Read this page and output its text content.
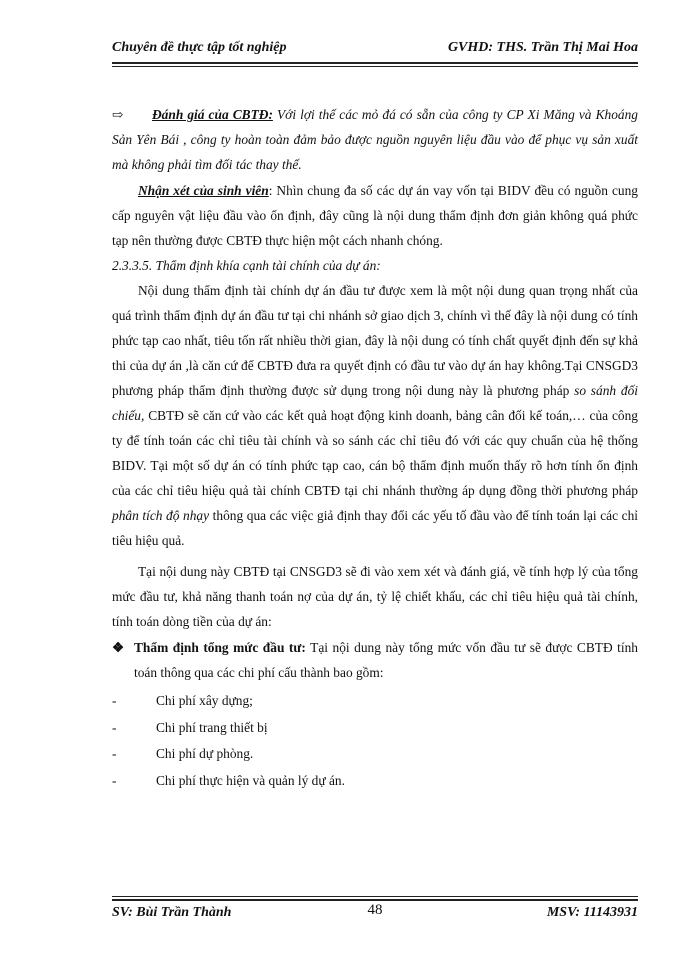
Chuyên đề thực tập tốt nghiệp	GVHD: THS. Trần Thị Mai Hoa

⇨ Đánh giá của CBTĐ: Với lợi thế các mỏ đá có sẵn của công ty CP Xi Măng và Khoáng Sản Yên Bái , công ty hoàn toàn đảm bảo được nguồn nguyên liệu đầu vào để phục vụ sản xuất mà không phải tìm đối tác thay thế.

Nhận xét của sinh viên: Nhìn chung đa số các dự án vay vốn tại BIDV đều có nguồn cung cấp nguyên vật liệu đầu vào ổn định, đây cũng là nội dung thẩm định đơn giản không quá phức tạp nên thường được CBTĐ thực hiện một cách nhanh chóng.

2.3.3.5. Thẩm định khía cạnh tài chính của dự án:

Nội dung thẩm định tài chính dự án đầu tư được xem là một nội dung quan trọng nhất của quá trình thẩm định dự án đầu tư tại chi nhánh sở giao dịch 3, chính vì thế đây là nội dung có tính phức tạp cao nhất, tiêu tốn rất nhiều thời gian, đây là nội dung có tính chất quyết định đến sự khả thi của dự án ,là căn cứ để CBTĐ đưa ra quyết định có đầu tư vào dự án hay không.Tại CNSGD3 phương pháp thẩm định thường được sử dụng trong nội dung này là phương pháp so sánh đối chiếu, CBTĐ sẽ căn cứ vào các kết quả hoạt động kinh doanh, bảng cân đối kế toán,… của công ty để tính toán các chỉ tiêu tài chính và so sánh các chỉ tiêu đó với các quy chuẩn của hệ thống BIDV. Tại một số dự án có tính phức tạp cao, cán bộ thẩm định muốn thấy rõ hơn tính ổn định của các chỉ tiêu hiệu quả tài chính CBTĐ tại chi nhánh thường áp dụng đồng thời phương pháp phân tích độ nhạy thông qua các việc giả định thay đổi các yếu tố đầu vào để tính toán lại các chỉ tiêu hiệu quả.

Tại nội dung này CBTĐ tại CNSGD3 sẽ đi vào xem xét và đánh giá, về tính hợp lý của tổng mức đầu tư, khả năng thanh toán nợ của dự án, tỷ lệ chiết khấu, các chỉ tiêu hiệu quả tài chính, tính toán dòng tiền của dự án:

❖ Thẩm định tổng mức đầu tư: Tại nội dung này tổng mức vốn đầu tư sẽ được CBTĐ tính toán thông qua các chi phí cấu thành bao gồm:

-	Chi phí xây dựng;
-	Chi phí trang thiết bị
-	Chi phí dự phòng.
-	Chi phí thực hiện và quản lý dự án.
SV: Bùi Trần Thành	48	MSV: 11143931
